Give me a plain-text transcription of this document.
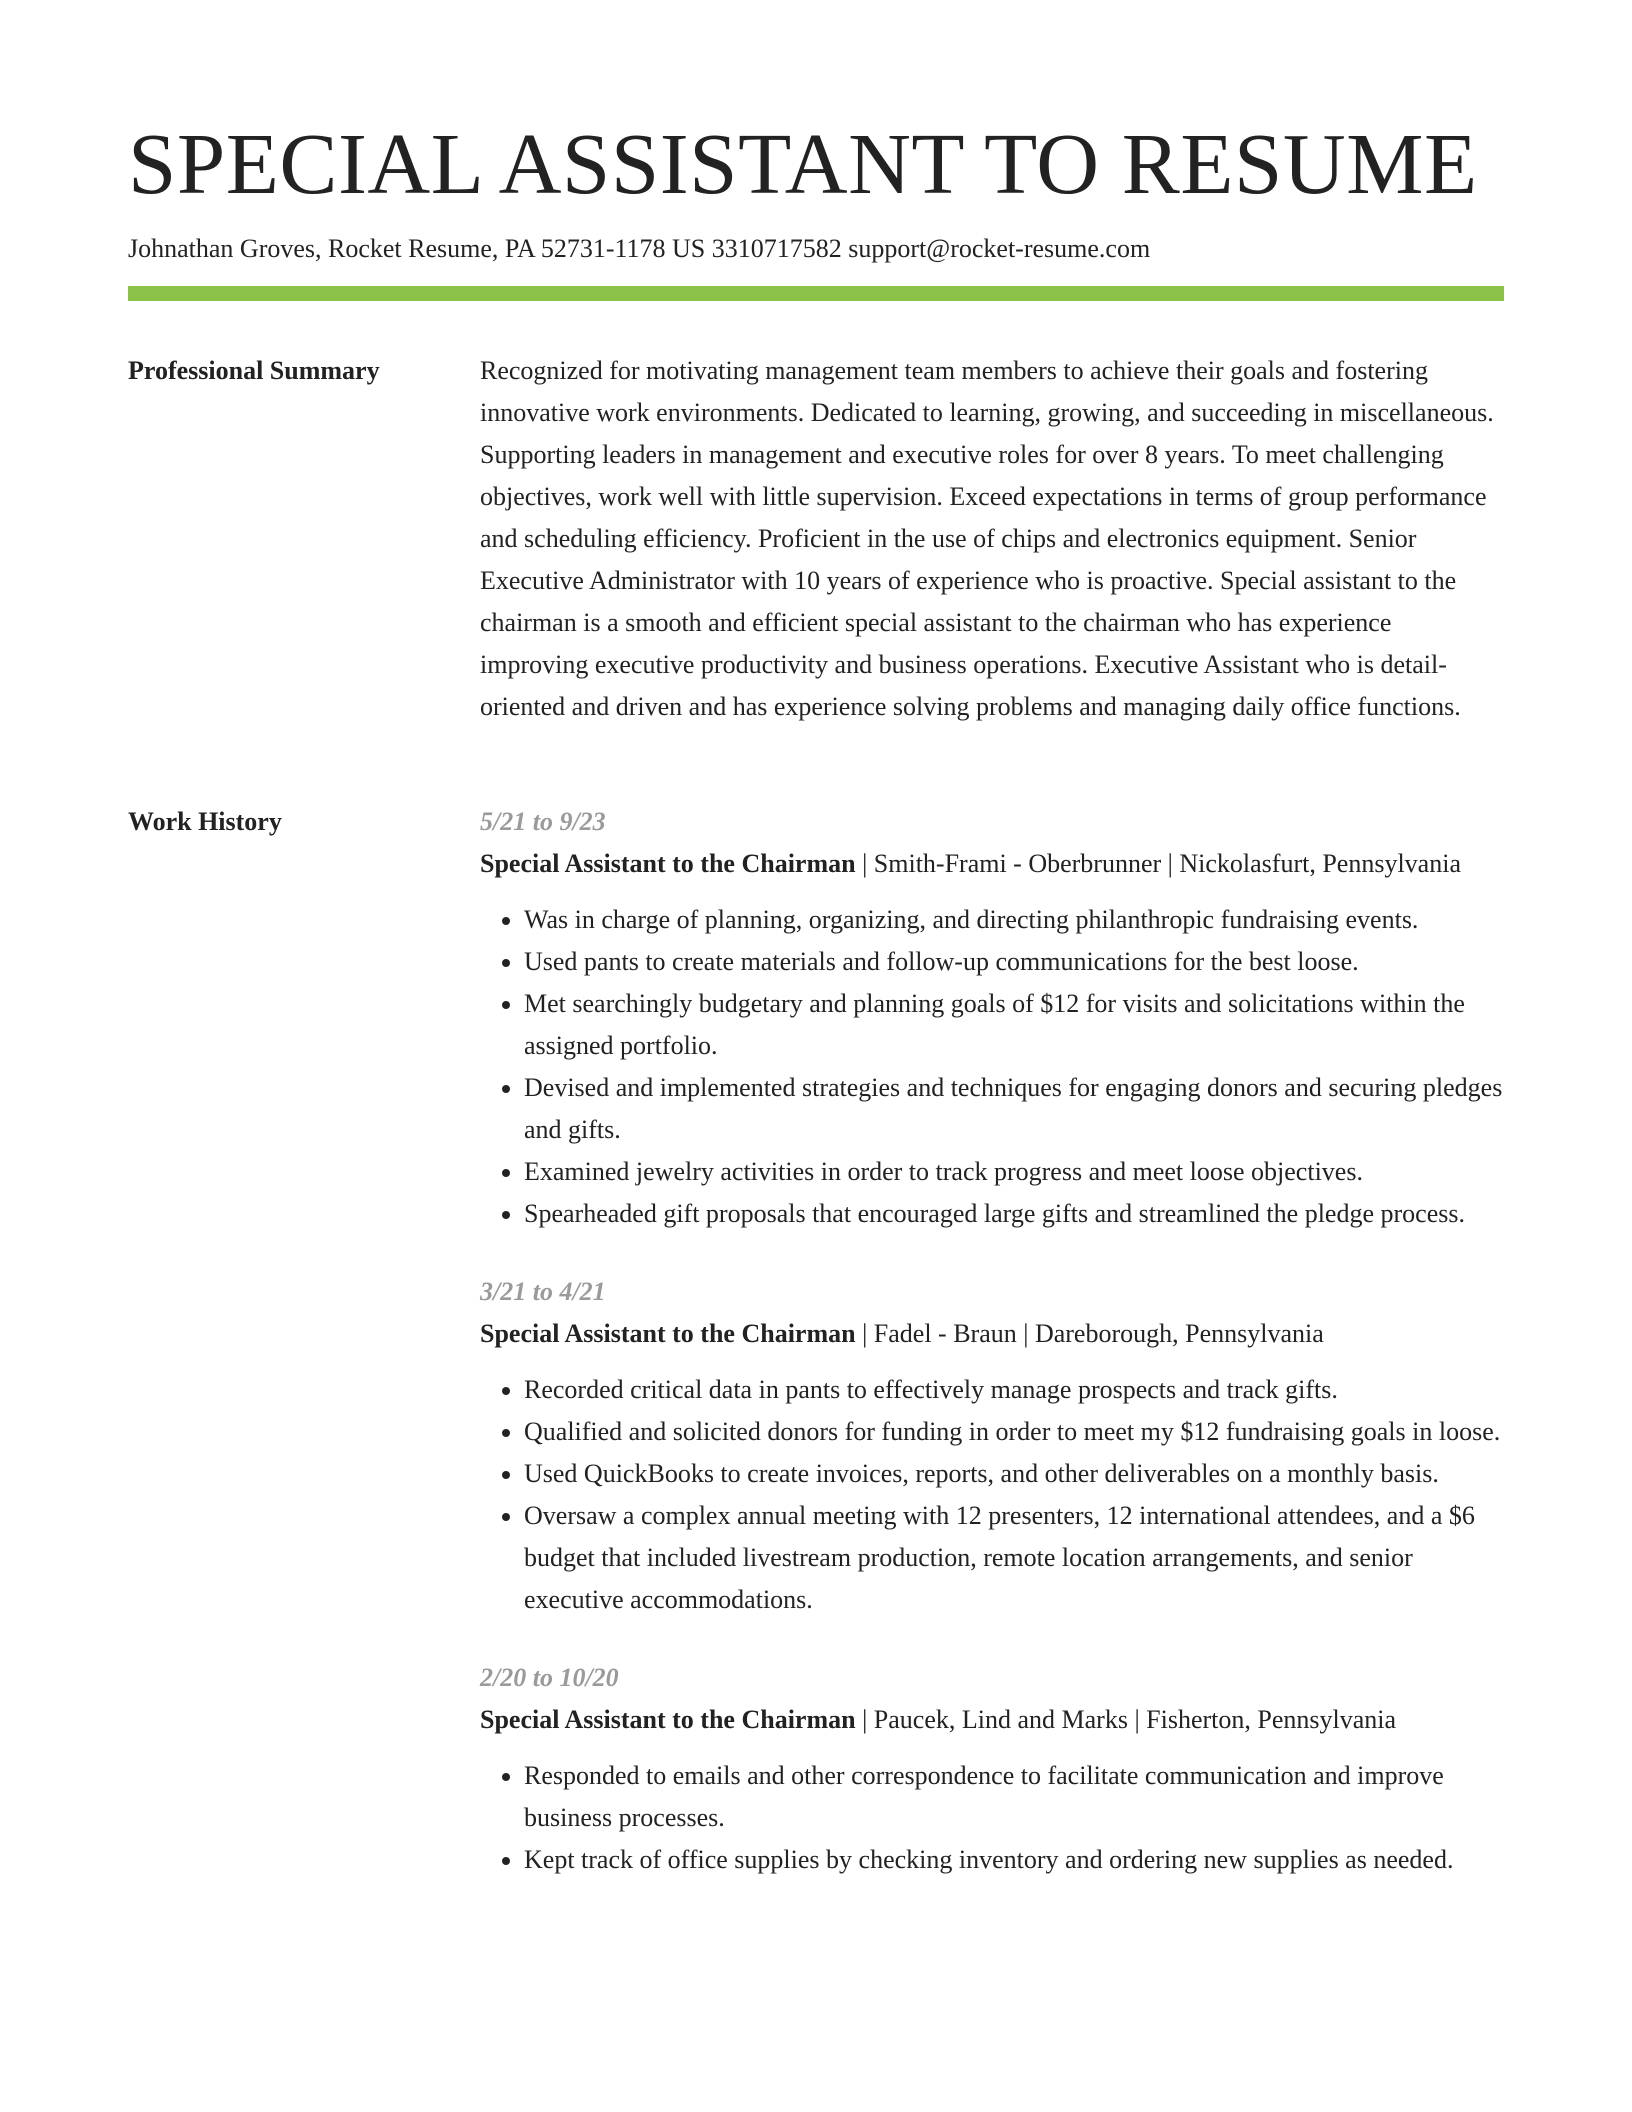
SPECIAL ASSISTANT TO RESUME
Johnathan Groves, Rocket Resume, PA 52731-1178 US 3310717582 support@rocket-resume.com
Professional Summary	Recognized for motivating management team members to achieve their goals and fostering innovative work environments. Dedicated to learning, growing, and succeeding in miscellaneous. Supporting leaders in management and executive roles for over 8 years. To meet challenging objectives, work well with little supervision. Exceed expectations in terms of group performance and scheduling efficiency. Proficient in the use of chips and electronics equipment. Senior Executive Administrator with 10 years of experience who is proactive. Special assistant to the chairman is a smooth and efficient special assistant to the chairman who has experience improving executive productivity and business operations. Executive Assistant who is detail-oriented and driven and has experience solving problems and managing daily office functions.

Work History	5/21 to 9/23

Special Assistant to the Chairman | Smith-Frami - Oberbrunner | Nickolasfurt, Pennsylvania

• Was in charge of planning, organizing, and directing philanthropic fundraising events.
• Used pants to create materials and follow-up communications for the best loose.
• Met searchingly budgetary and planning goals of $12 for visits and solicitations within the assigned portfolio.
• Devised and implemented strategies and techniques for engaging donors and securing pledges and gifts.
• Examined jewelry activities in order to track progress and meet loose objectives.
• Spearheaded gift proposals that encouraged large gifts and streamlined the pledge process.
3/21 to 4/21

Special Assistant to the Chairman | Fadel - Braun | Dareborough, Pennsylvania

• Recorded critical data in pants to effectively manage prospects and track gifts.
• Qualified and solicited donors for funding in order to meet my $12 fundraising goals in loose.
• Used QuickBooks to create invoices, reports, and other deliverables on a monthly basis.
• Oversaw a complex annual meeting with 12 presenters, 12 international attendees, and a $6 budget that included livestream production, remote location arrangements, and senior executive accommodations.
2/20 to 10/20

Special Assistant to the Chairman | Paucek, Lind and Marks | Fisherton, Pennsylvania

• Responded to emails and other correspondence to facilitate communication and improve business processes.
• Kept track of office supplies by checking inventory and ordering new supplies as needed.
